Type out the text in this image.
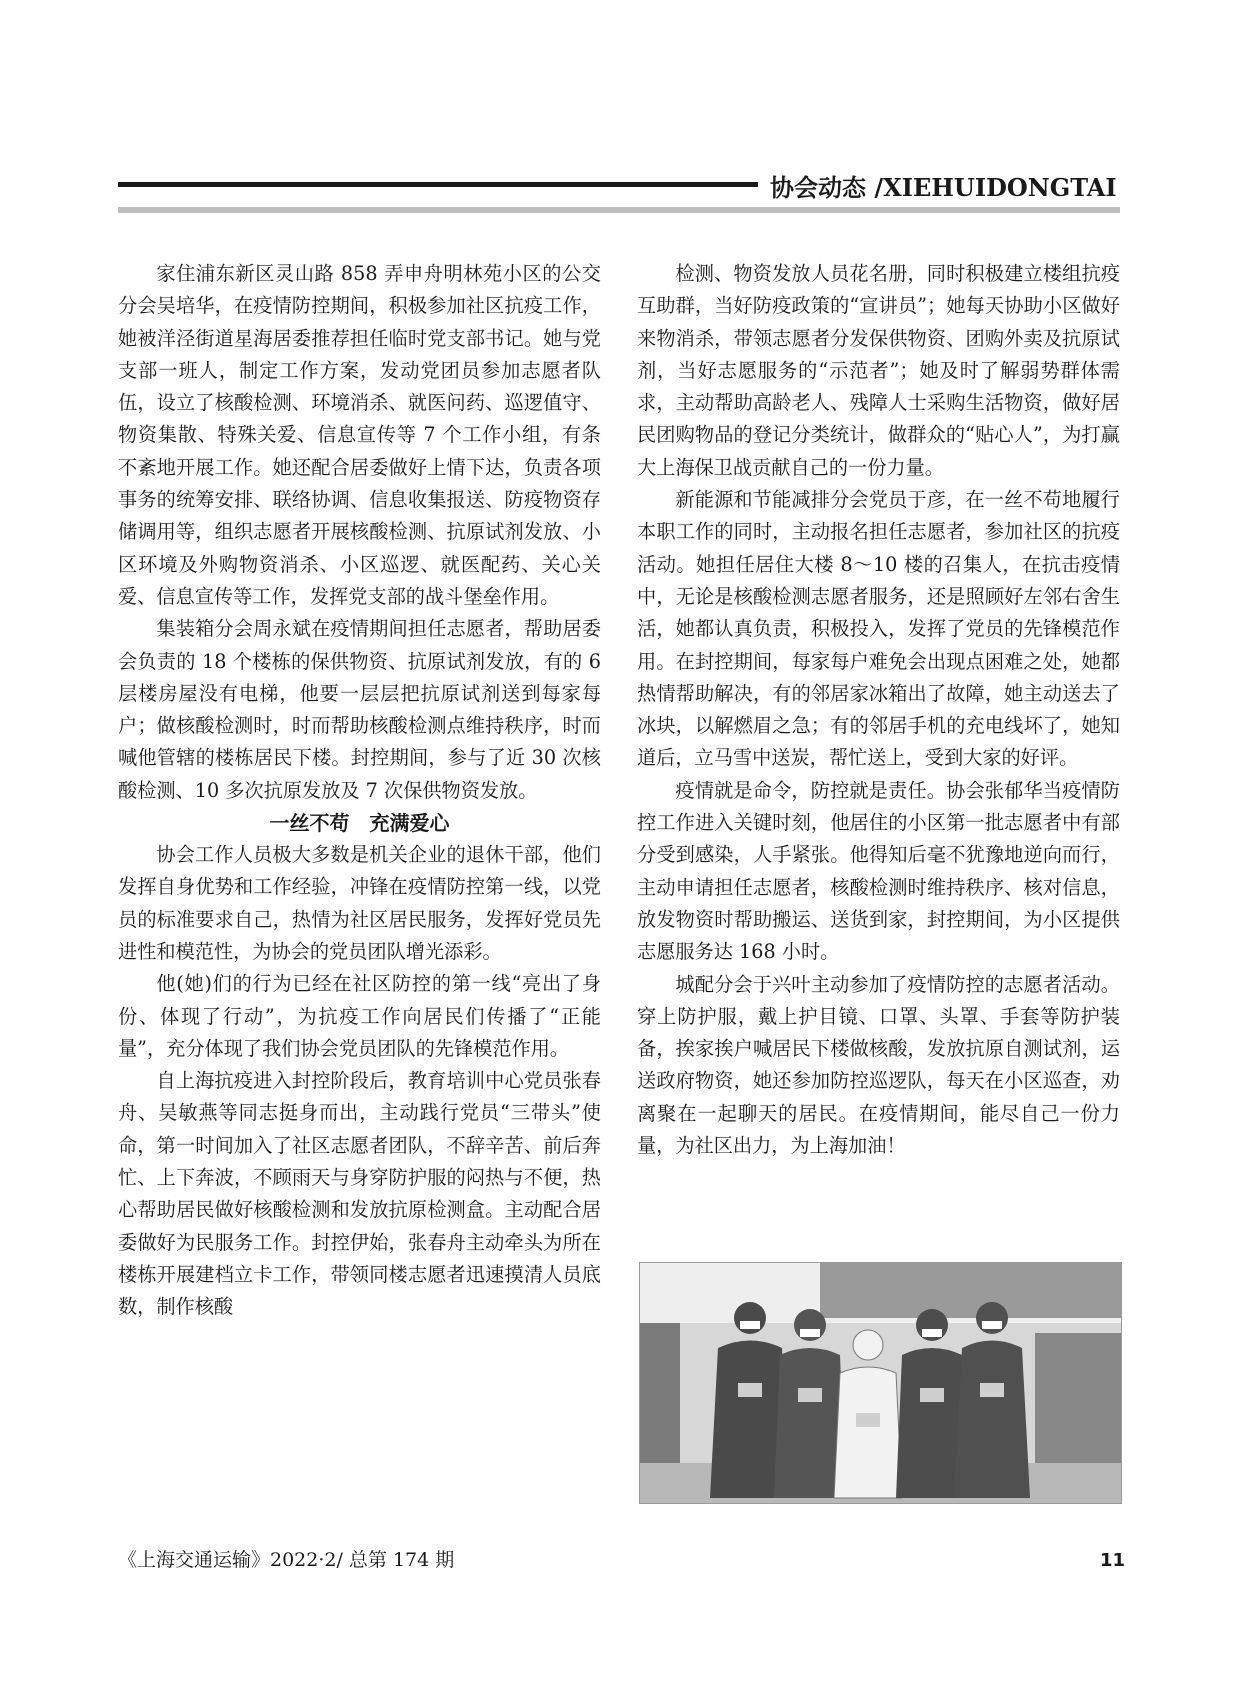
协会动态 /XIEHUIDONGTAI

家住浦东新区灵山路 858 弄申舟明林苑小区的公交分会吴培华，在疫情防控期间，积极参加社区抗疫工作，她被洋泾街道星海居委推荐担任临时党支部书记。她与党支部一班人，制定工作方案，发动党团员参加志愿者队伍，设立了核酸检测、环境消杀、就医问药、巡逻值守、物资集散、特殊关爱、信息宣传等 7 个工作小组，有条不紊地开展工作。她还配合居委做好上情下达，负责各项事务的统筹安排、联络协调、信息收集报送、防疫物资存储调用等，组织志愿者开展核酸检测、抗原试剂发放、小区环境及外购物资消杀、小区巡逻、就医配药、关心关爱、信息宣传等工作，发挥党支部的战斗堡垒作用。

集装箱分会周永斌在疫情期间担任志愿者，帮助居委会负责的 18 个楼栋的保供物资、抗原试剂发放，有的 6 层楼房屋没有电梯，他要一层层把抗原试剂送到每家每户；做核酸检测时，时而帮助核酸检测点维持秩序，时而喊他管辖的楼栋居民下楼。封控期间，参与了近 30 次核酸检测、10 多次抗原发放及 7 次保供物资发放。

一丝不苟　充满爱心

协会工作人员极大多数是机关企业的退休干部，他们发挥自身优势和工作经验，冲锋在疫情防控第一线，以党员的标准要求自己，热情为社区居民服务，发挥好党员先进性和模范性，为协会的党员团队增光添彩。

他(她)们的行为已经在社区防控的第一线“亮出了身份、体现了行动”，为抗疫工作向居民们传播了“正能量”，充分体现了我们协会党员团队的先锋模范作用。

自上海抗疫进入封控阶段后，教育培训中心党员张春舟、吴敏燕等同志挺身而出，主动践行党员“三带头”使命，第一时间加入了社区志愿者团队，不辞辛苦、前后奔忙、上下奔波，不顾雨天与身穿防护服的闷热与不便，热心帮助居民做好核酸检测和发放抗原检测盒。主动配合居委做好为民服务工作。封控伊始，张春舟主动牵头为所在楼栋开展建档立卡工作，带领同楼志愿者迅速摸清人员底数，制作核酸

检测、物资发放人员花名册，同时积极建立楼组抗疫互助群，当好防疫政策的“宣讲员”；她每天协助小区做好来物消杀，带领志愿者分发保供物资、团购外卖及抗原试剂，当好志愿服务的“示范者”；她及时了解弱势群体需求，主动帮助高龄老人、残障人士采购生活物资，做好居民团购物品的登记分类统计，做群众的“贴心人”，为打赢大上海保卫战贡献自己的一份力量。

新能源和节能减排分会党员于彦，在一丝不苟地履行本职工作的同时，主动报名担任志愿者，参加社区的抗疫活动。她担任居住大楼 8～10 楼的召集人，在抗击疫情中，无论是核酸检测志愿者服务，还是照顾好左邻右舍生活，她都认真负责，积极投入，发挥了党员的先锋模范作用。在封控期间，每家每户难免会出现点困难之处，她都热情帮助解决，有的邻居家冰箱出了故障，她主动送去了冰块，以解燃眉之急；有的邻居手机的充电线坏了，她知道后，立马雪中送炭，帮忙送上，受到大家的好评。

疫情就是命令，防控就是责任。协会张郁华当疫情防控工作进入关键时刻，他居住的小区第一批志愿者中有部分受到感染，人手紧张。他得知后毫不犹豫地逆向而行，主动申请担任志愿者，核酸检测时维持秩序、核对信息，放发物资时帮助搬运、送货到家，封控期间，为小区提供志愿服务达 168 小时。

城配分会于兴叶主动参加了疫情防控的志愿者活动。穿上防护服，戴上护目镜、口罩、头罩、手套等防护装备，挨家挨户喊居民下楼做核酸，发放抗原自测试剂，运送政府物资，她还参加防控巡逻队，每天在小区巡查，劝离聚在一起聊天的居民。在疫情期间，能尽自己一份力量，为社区出力，为上海加油！

《上海交通运输》2022·2/ 总第 174 期	11
